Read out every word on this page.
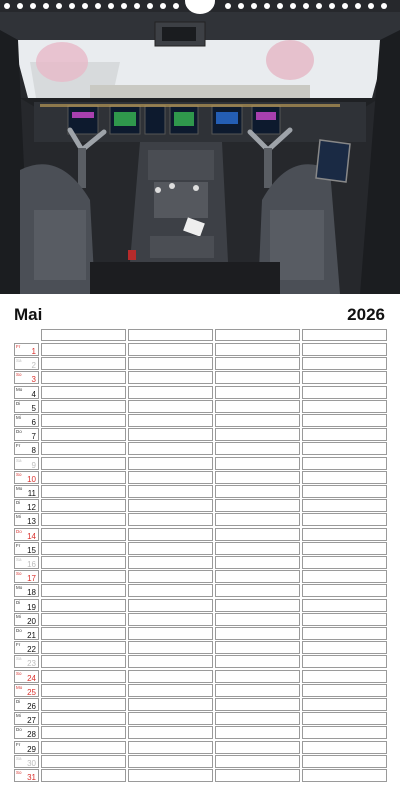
Mai	2026
Fr
1
Sa
2
So
3
Mo
4
Di
5
Mi
6
Do
7
Fr
8
Sa
9
So
10
Mo
11
Di
12
Mi
13
Do
14
Fr
15
Sa
16
So
17
Mo
18
Di
19
Mi
20
Do
21
Fr
22
Sa
23
So
24
Mo
25
Di
26
Mi
27
Do
28
Fr
29
Sa
30
So
31
